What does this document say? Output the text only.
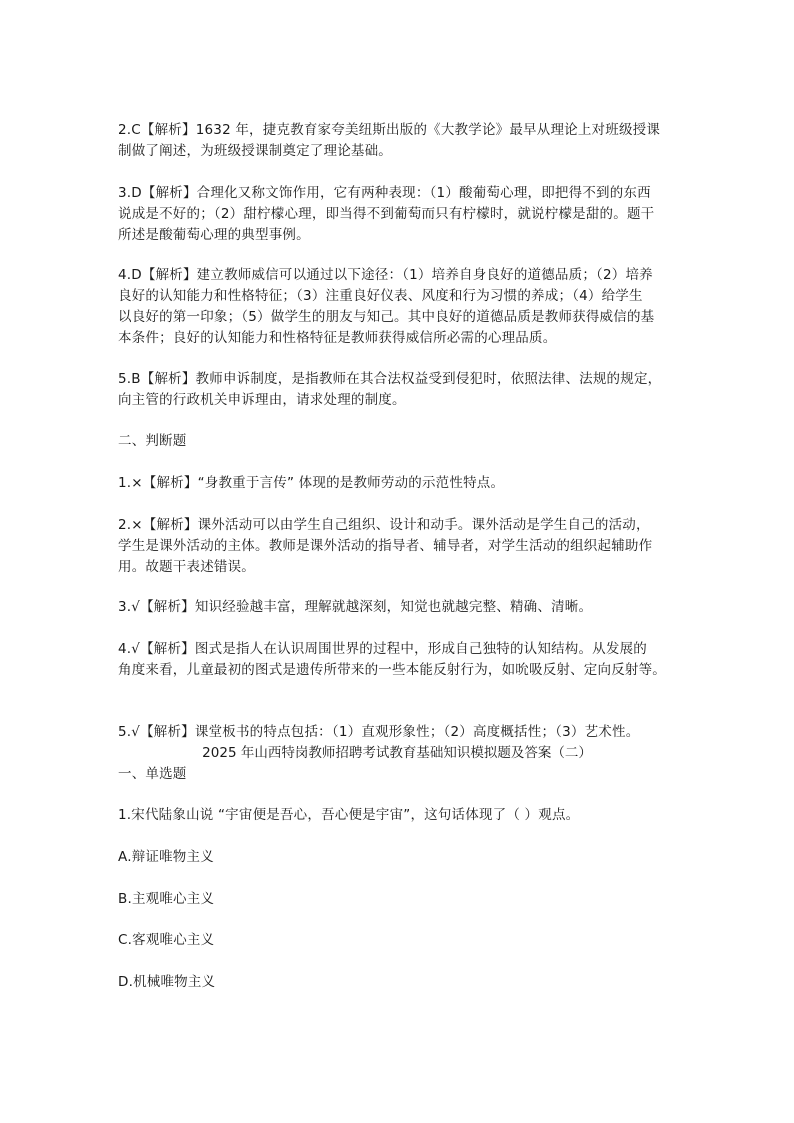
2.C【解析】1632 年，捷克教育家夸美纽斯出版的《大教学论》最早从理论上对班级授课
制做了阐述，为班级授课制奠定了理论基础。
3.D【解析】合理化又称文饰作用，它有两种表现：（1）酸葡萄心理，即把得不到的东西
说成是不好的；（2）甜柠檬心理，即当得不到葡萄而只有柠檬时，就说柠檬是甜的。题干
所述是酸葡萄心理的典型事例。
4.D【解析】建立教师威信可以通过以下途径：（1）培养自身良好的道德品质；（2）培养
良好的认知能力和性格特征；（3）注重良好仪表、风度和行为习惯的养成；（4）给学生
以良好的第一印象；（5）做学生的朋友与知己。其中良好的道德品质是教师获得威信的基
本条件；良好的认知能力和性格特征是教师获得威信所必需的心理品质。
5.B【解析】教师申诉制度，是指教师在其合法权益受到侵犯时，依照法律、法规的规定，
向主管的行政机关申诉理由，请求处理的制度。
二、判断题
1.×【解析】“身教重于言传” 体现的是教师劳动的示范性特点。
2.×【解析】课外活动可以由学生自己组织、设计和动手。课外活动是学生自己的活动，
学生是课外活动的主体。教师是课外活动的指导者、辅导者，对学生活动的组织起辅助作
用。故题干表述错误。
3.√【解析】知识经验越丰富，理解就越深刻，知觉也就越完整、精确、清晰。
4.√【解析】图式是指人在认识周围世界的过程中，形成自己独特的认知结构。从发展的
角度来看，儿童最初的图式是遗传所带来的一些本能反射行为，如吮吸反射、定向反射等。
5.√【解析】课堂板书的特点包括：（1）直观形象性；（2）高度概括性；（3）艺术性。
2025 年山西特岗教师招聘考试教育基础知识模拟题及答案（二）
一、单选题
1.宋代陆象山说 “宇宙便是吾心，吾心便是宇宙”，这句话体现了（ ）观点。
A.辩证唯物主义
B.主观唯心主义
C.客观唯心主义
D.机械唯物主义
